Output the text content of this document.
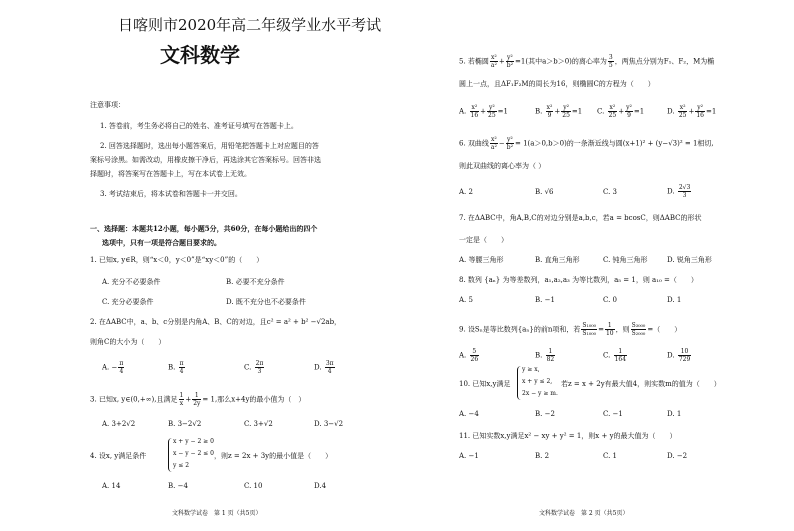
日喀则市2020年高二年级学业水平考试
文科数学
注意事项：
1. 答卷前，考生务必将自己的姓名、准考证号填写在答题卡上。
2. 回答选择题时，选出每小题答案后，用铅笔把答题卡上对应题目的答
案标号涂黑。如需改动，用橡皮擦干净后，再选涂其它答案标号。回答非选
择题时，将答案写在答题卡上，写在本试卷上无效。
3. 考试结束后，将本试卷和答题卡一并交回。
一、选择题：本题共12小题，每小题5分，共60分，在每小题给出的四个
选项中，只有一项是符合题目要求的。
1. 已知x, y∈R，则“x＜0，y＜0”是“xy＜0”的（　　）
A. 充分不必要条件	B. 必要不充分条件
C. 充分必要条件	D. 既不充分也不必要条件
2. 在ΔABC中，a、b、c分别是内角A、B、C的对边，且c² = a² + b² −√2ab，
则角C的大小为（　　）
A. − $\frac{\pi}{4}$	B. $\frac{\pi}{4}$	C. $\frac{2\pi}{3}$	D. $\frac{3\pi}{4}$
3. 已知x, y∈(0,+∞),且满足 $\frac{1}{x} + \frac{1}{2y} = 1$,那么x+4y的最小值为（　）
A. 3+2√2	B. 3−2√2	C. 3+√2	D. 3−√2
4. 设x, y满足条件
x + y − 2 ≥ 0
x − y − 2 ≤ 0
y ≤ 2
，则z = 2x + 3y的最小值是（　　）
A. 14	B. −4	C. 10	D.4
文科数学试卷　第 1 页（共5页）
5. 若椭圆 $\frac{\text{x²}}{\text{a²}} + \frac{\text{y²}}{\text{b²}} =1$(其中a＞b＞0)的离心率为 $\frac{3}{5}$ ，两焦点分别为F₁、F₂，M为椭
圆上一点，且ΔF₁F₂M的周长为16，则椭圆C的方程为（　　）
A. $\frac{\text{x²}}{16} + \frac{\text{y²}}{25} =1$	B. $\frac{\text{x²}}{9} + \frac{\text{y²}}{25} =1$ C. $\frac{\text{x²}}{25} + \frac{\text{y²}}{9} =1$	D. $\frac{\text{x²}}{25} + \frac{\text{y²}}{16} =1$
6. 双曲线 $\frac{\text{x²}}{\text{a²}} - \frac{\text{y²}}{\text{b²}} = 1(a>0,b>0)$的一条渐近线与圆(x+1)² + (y−√3)² = 1相切,
则此双曲线的离心率为（ ）
A. 2	B. √6	C. 3	D. $\frac{2√3}{3}$
7. 在ΔABC中，角A,B,C的对边分别是a,b,c，若a = bcosC，则ΔABC的形状
一定是（　　）
A. 等腰三角形	B. 直角三角形	C. 钝角三角形	D. 锐角三角形
8. 数列 {aₙ} 为等差数列，a₁,a₂,a₃ 为等比数列，a₅ = 1，则 a₁₀ =（　　）
A. 5	B. −1	C. 0	D. 1
9. 设Sₙ是等比数列{aₙ}的前n项和，若 $\frac{\text{S₁₀₀₀}}{\text{S₁₀₀₀}} = \frac{1}{10}$ ，则 $\frac{\text{S₃₀₀₀}}{\text{S₂₀₀₀}}$ =（　　）
A. $\frac{5}{26}$	B. $\frac{1}{82}$	C. $\frac{1}{164}$	D. $\frac{10}{729}$
10. 已知x,y满足
y ≥ x,
x + y ≤ 2,
2x − y ≥ m.
若z = x + 2y有最大值4，则实数m的值为（　　）
A. −4	B. −2	C. −1	D. 1
11. 已知实数x,y满足x² − xy + y² = 1，则x + y的最大值为（　　）
A. −1	B. 2	C. 1	D. −2
文科数学试卷　第 2 页（共5页）
